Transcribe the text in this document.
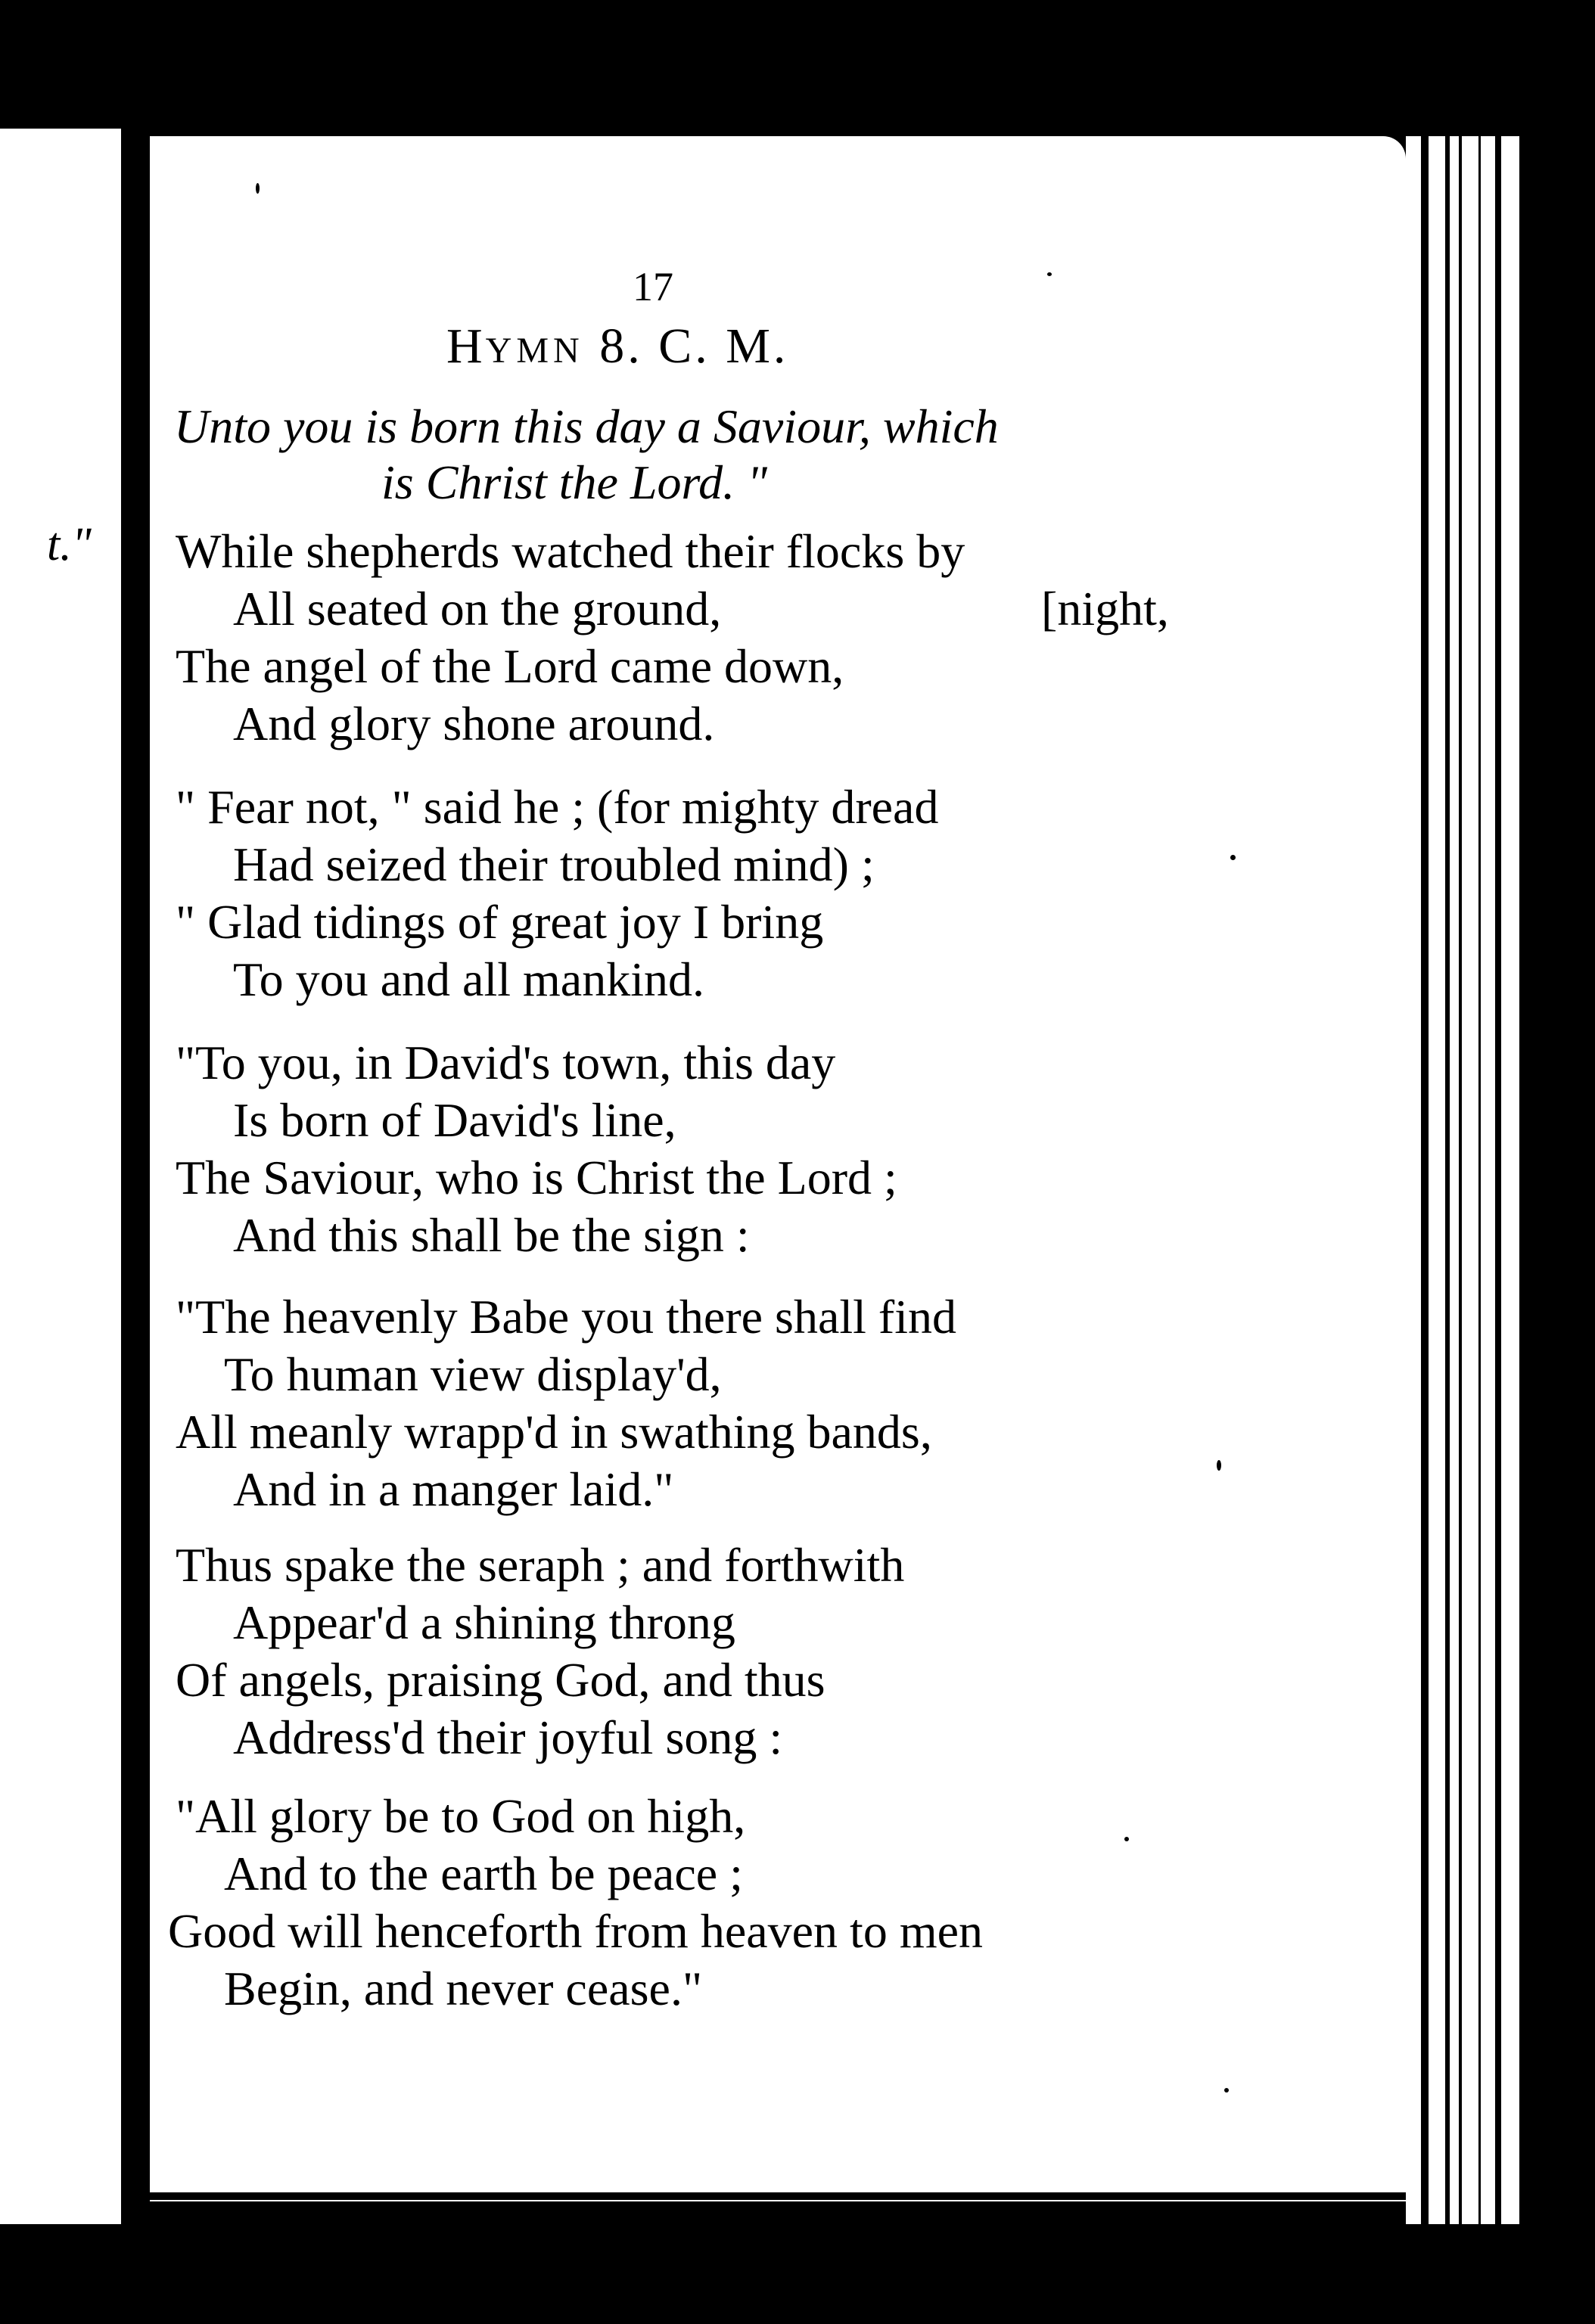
t."
17
HYMN 8. C. M.
Unto you is born this day a Saviour, which
is Christ the Lord. "
While shepherds watched their flocks by
All seated on the ground,	[night,
The angel of the Lord came down,
And glory shone around.
" Fear not, " said he ; (for mighty dread
Had seized their troubled mind) ;
" Glad tidings of great joy I bring
To you and all mankind.
"To you, in David's town, this day
Is born of David's line,
The Saviour, who is Christ the Lord ;
And this shall be the sign :
"The heavenly Babe you there shall find
To human view display'd,
All meanly wrapp'd in swathing bands,
And in a manger laid."
Thus spake the seraph ; and forthwith
Appear'd a shining throng
Of angels, praising God, and thus
Address'd their joyful song :
"All glory be to God on high,
And to the earth be peace ;
Good will henceforth from heaven to men
Begin, and never cease."
